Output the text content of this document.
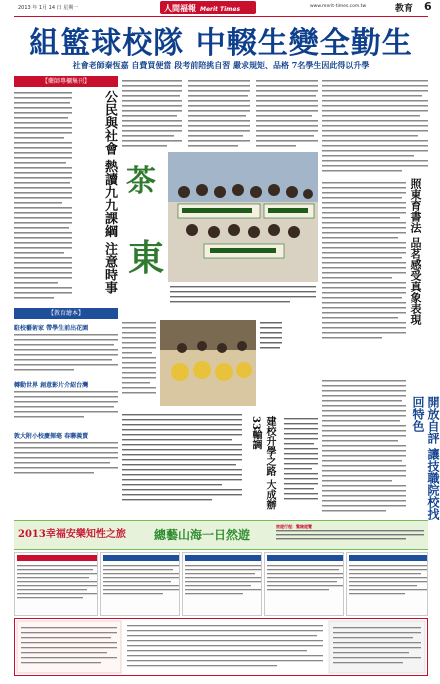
2013 年 1月 14 日 星期一	人間福報 Merit Times	www.merit-times.com.tw	教育 6
組籃球校隊 中輟生變全勤生
社會老師秦恆嘉 自費買便當 段考前陪挑自習 嚴求規矩、品格 7名學生因此得以升學
【藥師專欄集刊】
公民與社會 熱讀九九課綱 注意時事
【教育繪本】
駐校藝術家 帶學生前出花園
轉動世界 創意影片介紹台灣
敦大附小校慶揮毫 春聯義賣
茶
東
建校升學之路 大成辦33輸調
照東育書法 品茗感受真象表現
開放自評 讓技職院校找回特色
2013幸福安樂知性之旅	總藝山海一日然遊
旅遊行程：驚險遊覽
